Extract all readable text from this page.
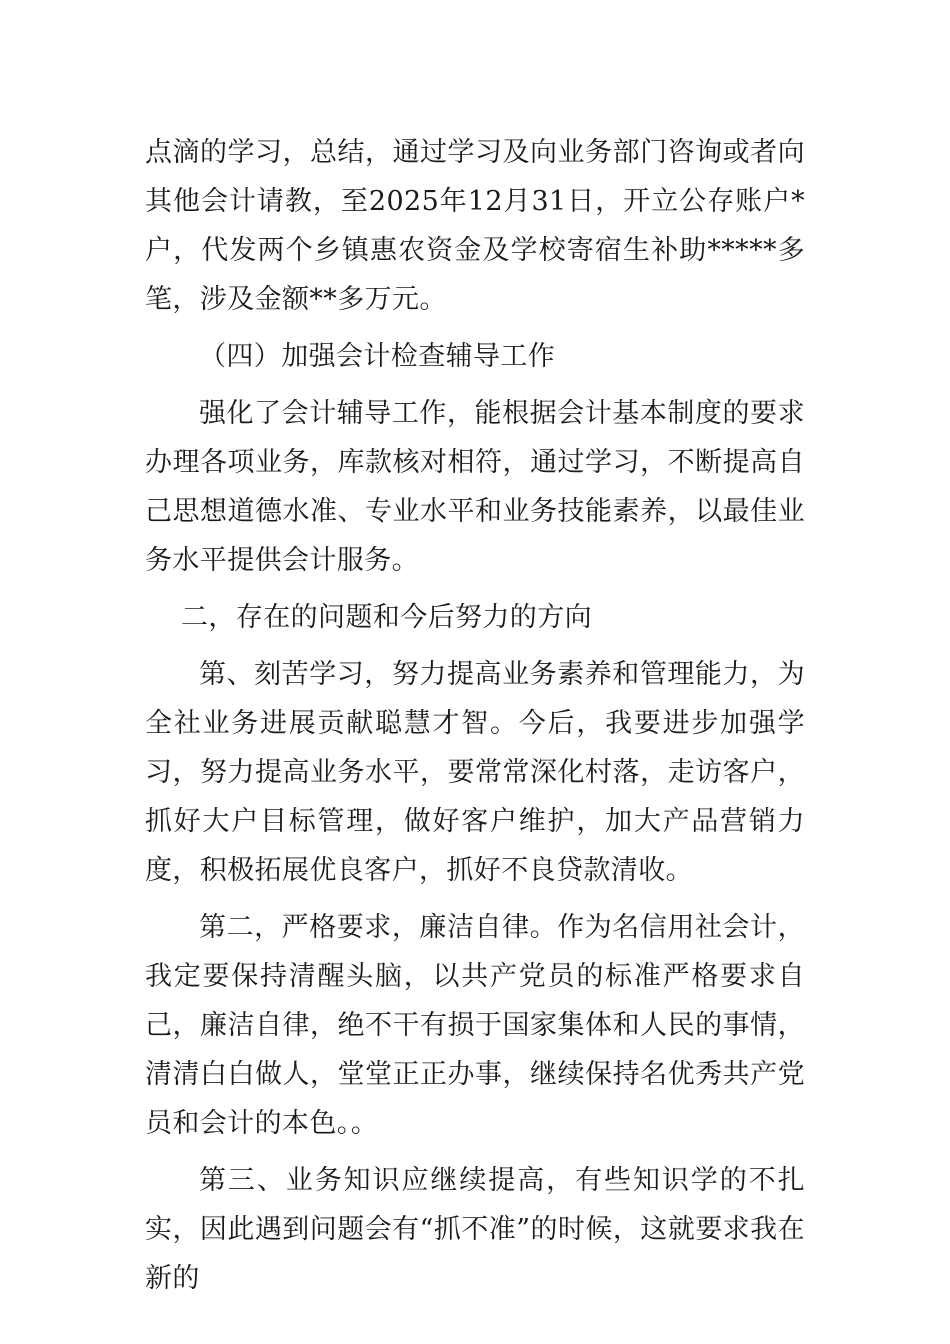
点滴的学习，总结，通过学习及向业务部门咨询或者向其他会计请教，至2025年12月31日，开立公存账户*户，代发两个乡镇惠农资金及学校寄宿生补助*****多笔，涉及金额**多万元。

（四）加强会计检查辅导工作

强化了会计辅导工作，能根据会计基本制度的要求办理各项业务，库款核对相符，通过学习，不断提高自己思想道德水准、专业水平和业务技能素养，以最佳业务水平提供会计服务。

二，存在的问题和今后努力的方向

第、刻苦学习，努力提高业务素养和管理能力，为全社业务进展贡献聪慧才智。今后，我要进步加强学习，努力提高业务水平，要常常深化村落，走访客户，抓好大户目标管理，做好客户维护，加大产品营销力度，积极拓展优良客户，抓好不良贷款清收。

第二，严格要求，廉洁自律。作为名信用社会计，我定要保持清醒头脑，以共产党员的标准严格要求自己，廉洁自律，绝不干有损于国家集体和人民的事情，清清白白做人，堂堂正正办事，继续保持名优秀共产党员和会计的本色。。

第三、业务知识应继续提高，有些知识学的不扎实，因此遇到问题会有“抓不准”的时候，这就要求我在新的
